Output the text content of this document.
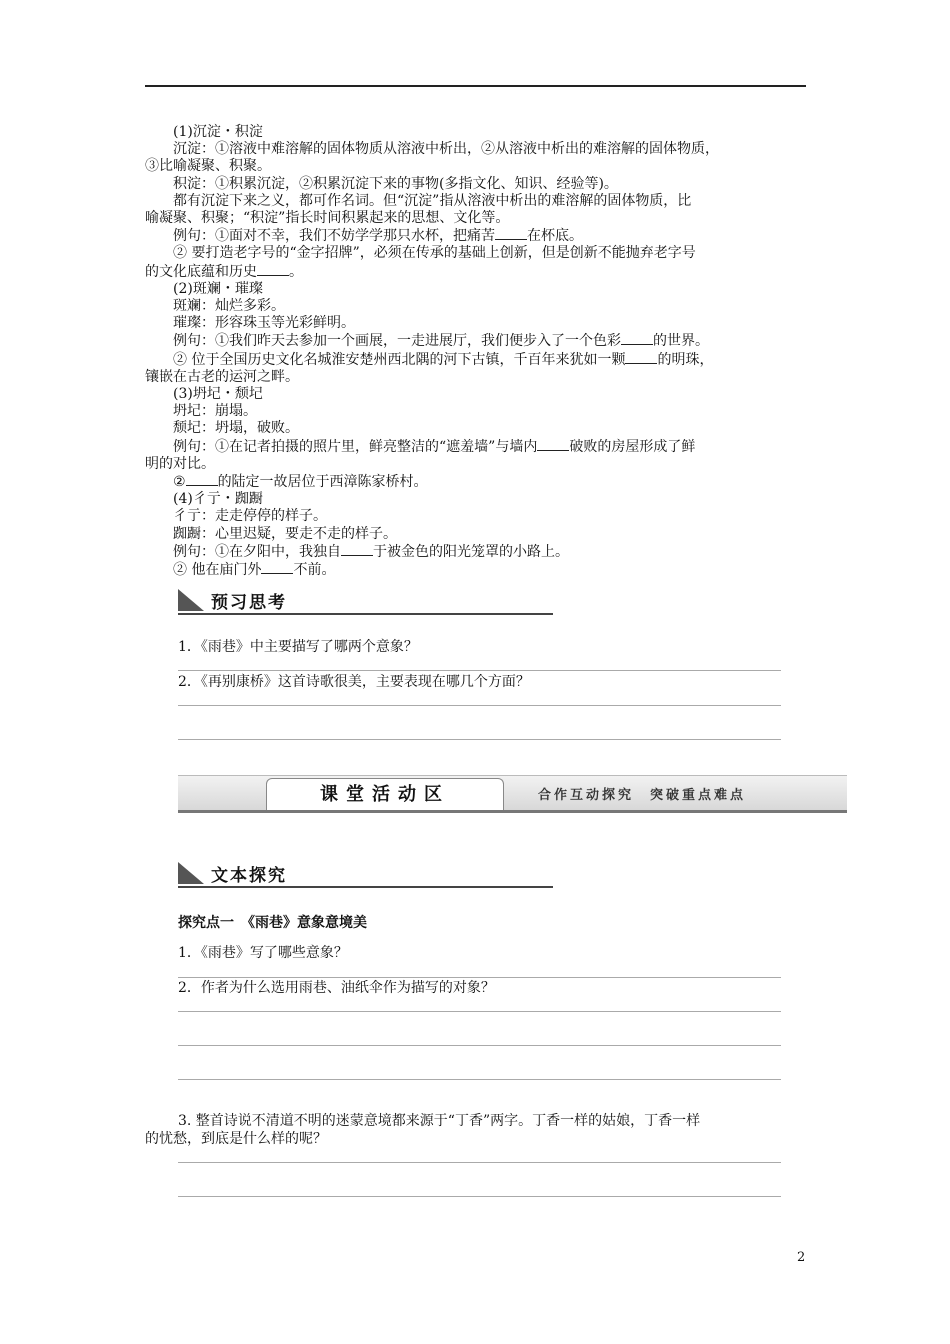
(1)沉淀・积淀

沉淀：①溶液中难溶解的固体物质从溶液中析出，②从溶液中析出的难溶解的固体物质，

③比喻凝聚、积聚。

积淀：①积累沉淀，②积累沉淀下来的事物(多指文化、知识、经验等)。

都有沉淀下来之义，都可作名词。但“沉淀”指从溶液中析出的难溶解的固体物质，比

喻凝聚、积聚；“积淀”指长时间积累起来的思想、文化等。

例句：①面对不幸，我们不妨学学那只水杯，把痛苦 在杯底。

② 要打造老字号的“金字招牌”，必须在传承的基础上创新，但是创新不能抛弃老字号

的文化底蕴和历史 。

(2)斑斓・璀璨

斑斓：灿烂多彩。

璀璨：形容珠玉等光彩鲜明。

例句：①我们昨天去参加一个画展，一走进展厅，我们便步入了一个色彩 的世界。

② 位于全国历史文化名城淮安楚州西北隅的河下古镇，千百年来犹如一颗 的明珠，

镶嵌在古老的运河之畔。

(3)坍圮・颓圮

坍圮：崩塌。

颓圮：坍塌，破败。

例句：①在记者拍摄的照片里，鲜亮整洁的“遮羞墙”与墙内 破败的房屋形成了鲜

明的对比。

② 的陆定一故居位于西漳陈家桥村。

(4)彳亍・踟蹰

彳亍：走走停停的样子。

踟蹰：心里迟疑，要走不走的样子。

例句：①在夕阳中，我独自 于被金色的阳光笼罩的小路上。

② 他在庙门外 不前。

预习思考
1．《雨巷》中主要描写了哪两个意象？
2．《再别康桥》这首诗歌很美，主要表现在哪几个方面？
课堂活动区	合作互动探究　突破重点难点
文本探究
探究点一　《雨巷》意象意境美
1．《雨巷》写了哪些意象？
2．作者为什么选用雨巷、油纸伞作为描写的对象？

3. 整首诗说不清道不明的迷蒙意境都来源于“丁香”两字。丁香一样的姑娘，丁香一样

的忧愁，到底是什么样的呢？

2
